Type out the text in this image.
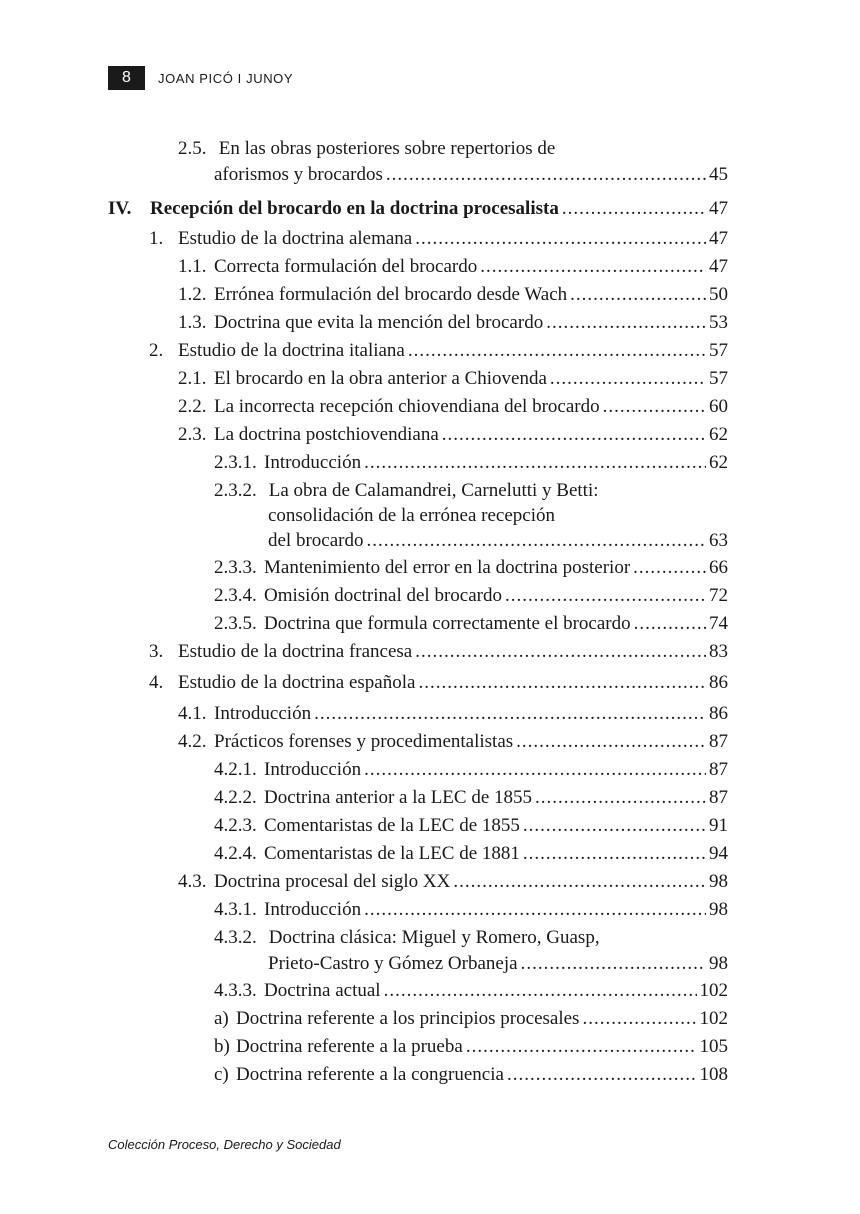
8	JOAN PICÓ I JUNOY
2.5. En las obras posteriores sobre repertorios de
aforismos y brocardos .....	45
IV. Recepción del brocardo en la doctrina procesalista .....	47
1. Estudio de la doctrina alemana .....	47
1.1. Correcta formulación del brocardo .....	47
1.2. Errónea formulación del brocardo desde Wach .....	50
1.3. Doctrina que evita la mención del brocardo .....	53
2. Estudio de la doctrina italiana .....	57
2.1. El brocardo en la obra anterior a Chiovenda .....	57
2.2. La incorrecta recepción chiovendiana del brocardo .....	60
2.3. La doctrina postchiovendiana .....	62
2.3.1. Introducción .....	62
2.3.2. La obra de Calamandrei, Carnelutti y Betti:
consolidación de la errónea recepción
del brocardo .....	63
2.3.3. Mantenimiento del error en la doctrina posterior .....	66
2.3.4. Omisión doctrinal del brocardo .....	72
2.3.5. Doctrina que formula correctamente el brocardo .....	74
3. Estudio de la doctrina francesa .....	83
4. Estudio de la doctrina española .....	86
4.1. Introducción .....	86
4.2. Prácticos forenses y procedimentalistas .....	87
4.2.1. Introducción .....	87
4.2.2. Doctrina anterior a la LEC de 1855 .....	87
4.2.3. Comentaristas de la LEC de 1855 .....	91
4.2.4. Comentaristas de la LEC de 1881 .....	94
4.3. Doctrina procesal del siglo XX .....	98
4.3.1. Introducción .....	98
4.3.2. Doctrina clásica: Miguel y Romero, Guasp,
Prieto-Castro y Gómez Orbaneja .....	98
4.3.3. Doctrina actual .....	102
a) Doctrina referente a los principios procesales .....	102
b) Doctrina referente a la prueba .....	105
c) Doctrina referente a la congruencia .....	108
Colección Proceso, Derecho y Sociedad
